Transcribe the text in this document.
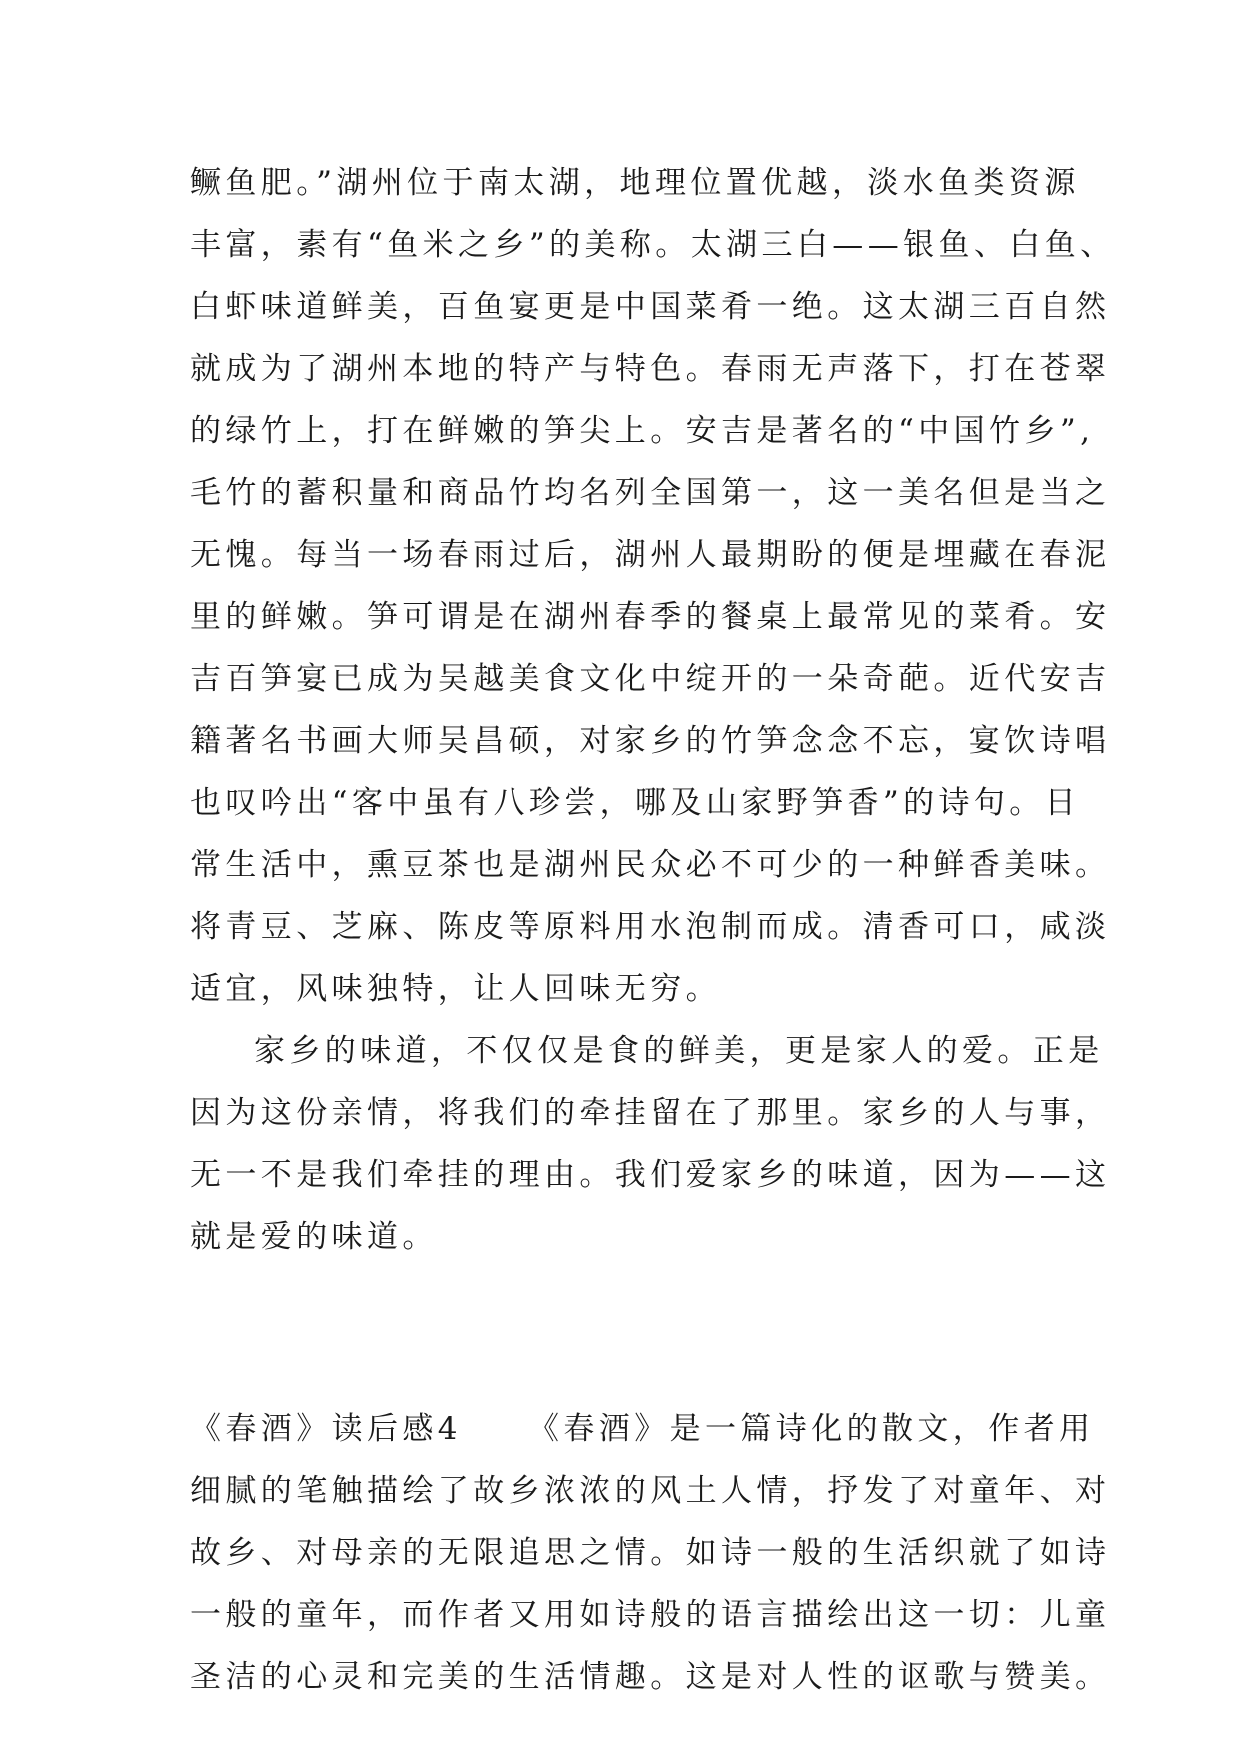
鳜鱼肥。”湖州位于南太湖，地理位置优越，淡水鱼类资源
丰富，素有“鱼米之乡”的美称。太湖三白——银鱼、白鱼、
白虾味道鲜美，百鱼宴更是中国菜肴一绝。这太湖三百自然
就成为了湖州本地的特产与特色。春雨无声落下，打在苍翠
的绿竹上，打在鲜嫩的笋尖上。安吉是著名的“中国竹乡”,
毛竹的蓄积量和商品竹均名列全国第一，这一美名但是当之
无愧。每当一场春雨过后，湖州人最期盼的便是埋藏在春泥
里的鲜嫩。笋可谓是在湖州春季的餐桌上最常见的菜肴。安
吉百笋宴已成为吴越美食文化中绽开的一朵奇葩。近代安吉
籍著名书画大师吴昌硕，对家乡的竹笋念念不忘，宴饮诗唱
也叹吟出“客中虽有八珍尝，哪及山家野笋香”的诗句。日
常生活中，熏豆茶也是湖州民众必不可少的一种鲜香美味。
将青豆、芝麻、陈皮等原料用水泡制而成。清香可口，咸淡
适宜，风味独特，让人回味无穷。
家乡的味道，不仅仅是食的鲜美，更是家人的爱。正是
因为这份亲情，将我们的牵挂留在了那里。家乡的人与事，
无一不是我们牵挂的理由。我们爱家乡的味道，因为——这
就是爱的味道。
《春酒》读后感4 《春酒》是一篇诗化的散文，作者用
细腻的笔触描绘了故乡浓浓的风土人情，抒发了对童年、对
故乡、对母亲的无限追思之情。如诗一般的生活织就了如诗
一般的童年，而作者又用如诗般的语言描绘出这一切：儿童
圣洁的心灵和完美的生活情趣。这是对人性的讴歌与赞美。
